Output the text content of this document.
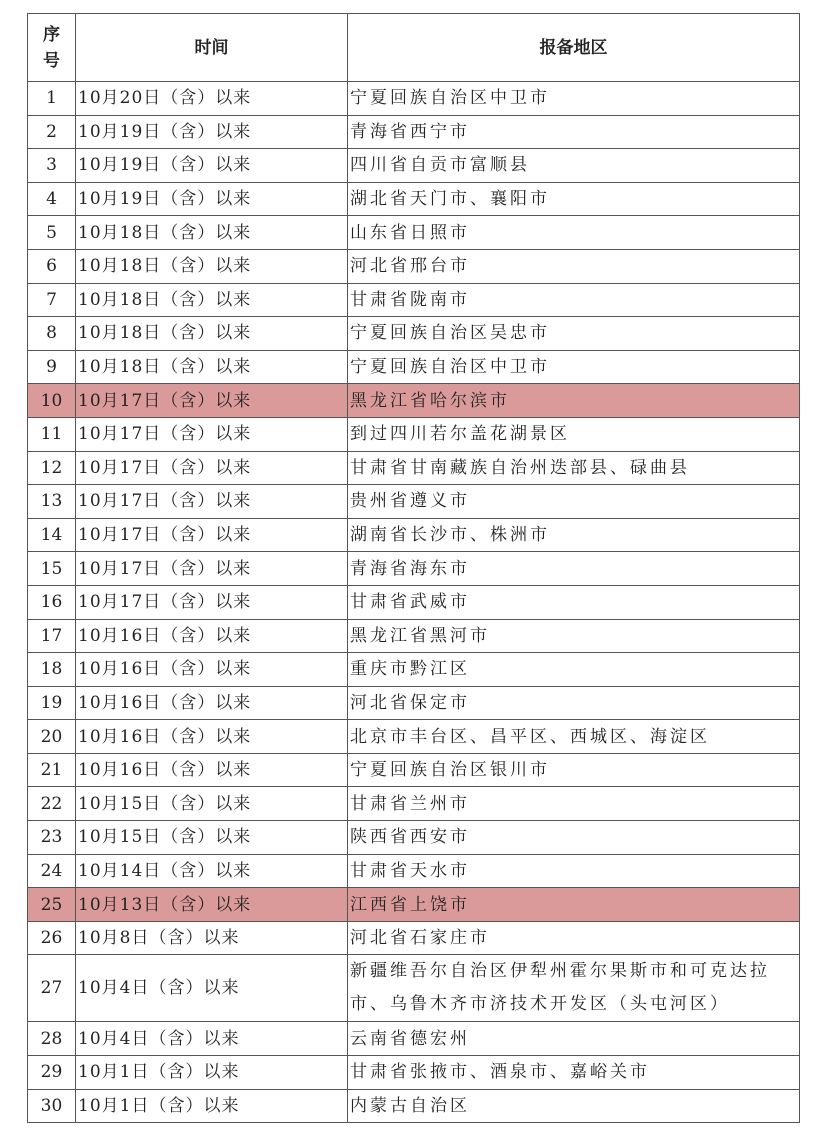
序
号	时间	报备地区
1	10月20日（含）以来	宁夏回族自治区中卫市
2	10月19日（含）以来	青海省西宁市
3	10月19日（含）以来	四川省自贡市富顺县
4	10月19日（含）以来	湖北省天门市、襄阳市
5	10月18日（含）以来	山东省日照市
6	10月18日（含）以来	河北省邢台市
7	10月18日（含）以来	甘肃省陇南市
8	10月18日（含）以来	宁夏回族自治区吴忠市
9	10月18日（含）以来	宁夏回族自治区中卫市
10	10月17日（含）以来	黑龙江省哈尔滨市
11	10月17日（含）以来	到过四川若尔盖花湖景区
12	10月17日（含）以来	甘肃省甘南藏族自治州迭部县、碌曲县
13	10月17日（含）以来	贵州省遵义市
14	10月17日（含）以来	湖南省长沙市、株洲市
15	10月17日（含）以来	青海省海东市
16	10月17日（含）以来	甘肃省武威市
17	10月16日（含）以来	黑龙江省黑河市
18	10月16日（含）以来	重庆市黔江区
19	10月16日（含）以来	河北省保定市
20	10月16日（含）以来	北京市丰台区、昌平区、西城区、海淀区
21	10月16日（含）以来	宁夏回族自治区银川市
22	10月15日（含）以来	甘肃省兰州市
23	10月15日（含）以来	陕西省西安市
24	10月14日（含）以来	甘肃省天水市
25	10月13日（含）以来	江西省上饶市
26	10月8日（含）以来	河北省石家庄市
27	10月4日（含）以来	新疆维吾尔自治区伊犁州霍尔果斯市和可克达拉市、乌鲁木齐市济技术开发区（头屯河区）
28	10月4日（含）以来	云南省德宏州
29	10月1日（含）以来	甘肃省张掖市、酒泉市、嘉峪关市
30	10月1日（含）以来	内蒙古自治区
